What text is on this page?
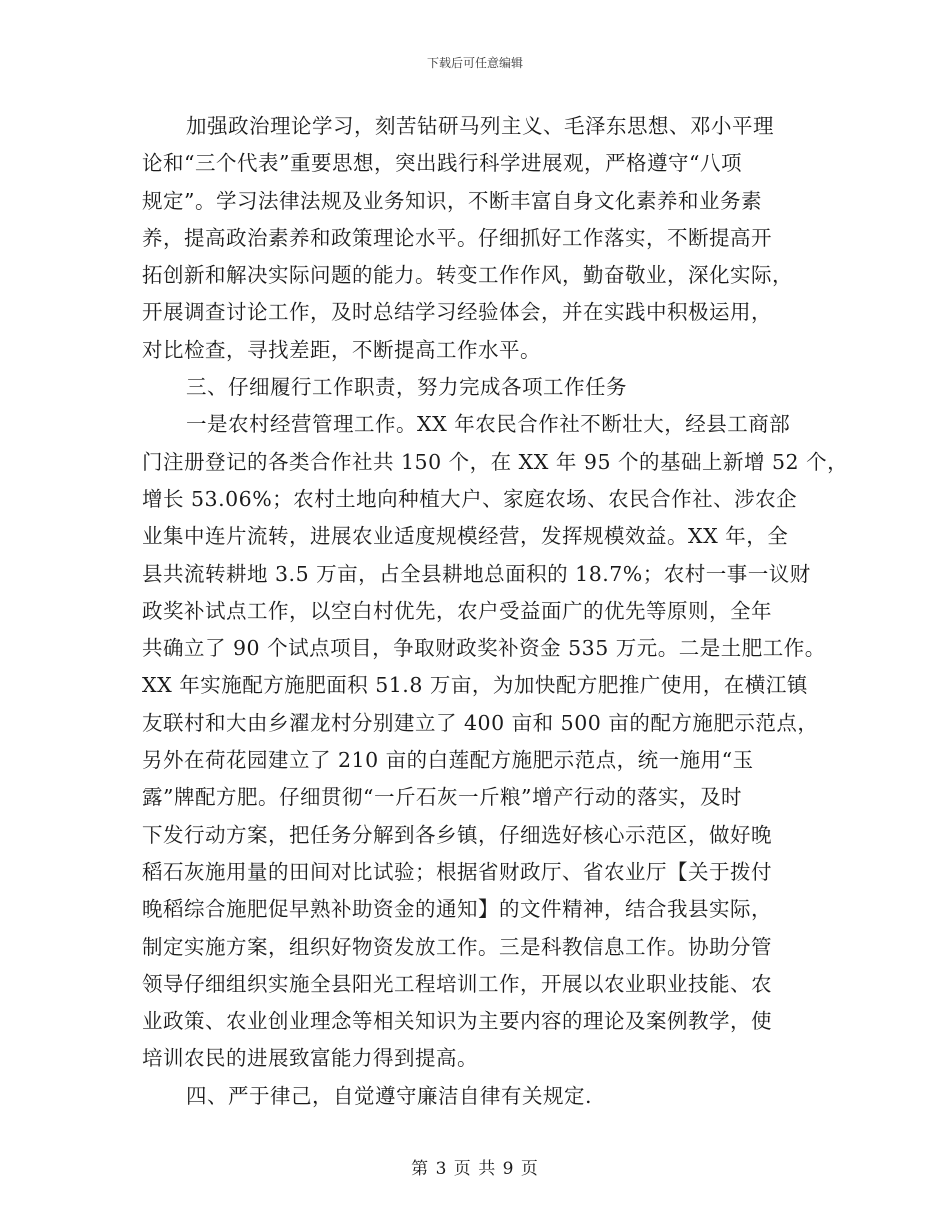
下载后可任意编辑
加强政治理论学习，刻苦钻研马列主义、毛泽东思想、邓小平理
论和“三个代表”重要思想，突出践行科学进展观，严格遵守“八项
规定”。学习法律法规及业务知识，不断丰富自身文化素养和业务素
养，提高政治素养和政策理论水平。仔细抓好工作落实，不断提高开
拓创新和解决实际问题的能力。转变工作作风，勤奋敬业，深化实际，
开展调查讨论工作，及时总结学习经验体会，并在实践中积极运用，
对比检查，寻找差距，不断提高工作水平。
三、仔细履行工作职责，努力完成各项工作任务
一是农村经营管理工作。XX 年农民合作社不断壮大，经县工商部
门注册登记的各类合作社共 150 个，在 XX 年 95 个的基础上新增 52 个，
增长 53.06%；农村土地向种植大户、家庭农场、农民合作社、涉农企
业集中连片流转，进展农业适度规模经营，发挥规模效益。XX 年，全
县共流转耕地 3.5 万亩，占全县耕地总面积的 18.7%；农村一事一议财
政奖补试点工作，以空白村优先，农户受益面广的优先等原则，全年
共确立了 90 个试点项目，争取财政奖补资金 535 万元。二是土肥工作。
XX 年实施配方施肥面积 51.8 万亩，为加快配方肥推广使用，在横江镇
友联村和大由乡濯龙村分别建立了 400 亩和 500 亩的配方施肥示范点，
另外在荷花园建立了 210 亩的白莲配方施肥示范点，统一施用“玉
露”牌配方肥。仔细贯彻“一斤石灰一斤粮”增产行动的落实，及时
下发行动方案，把任务分解到各乡镇，仔细选好核心示范区，做好晚
稻石灰施用量的田间对比试验；根据省财政厅、省农业厅【关于拨付
晚稻综合施肥促早熟补助资金的通知】的文件精神，结合我县实际，
制定实施方案，组织好物资发放工作。三是科教信息工作。协助分管
领导仔细组织实施全县阳光工程培训工作，开展以农业职业技能、农
业政策、农业创业理念等相关知识为主要内容的理论及案例教学，使
培训农民的进展致富能力得到提高。
四、严于律己，自觉遵守廉洁自律有关规定.
第 3 页 共 9 页
